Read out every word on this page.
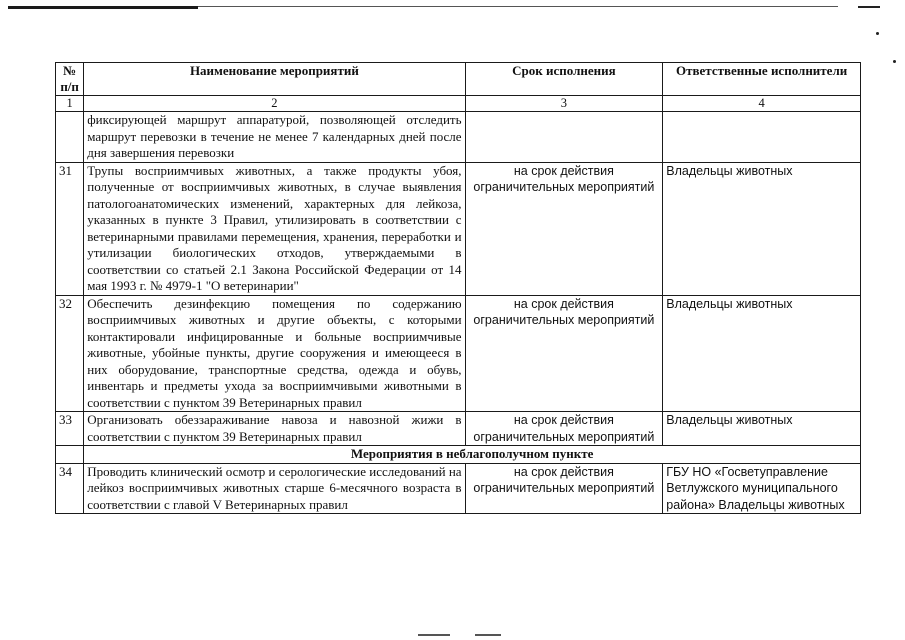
№ п/п	Наименование мероприятий	Срок исполнения	Ответственные исполнители
1	2	3	4
	фиксирующей маршрут аппаратурой, позволяющей отследить маршрут перевозки в течение не менее 7 календарных дней после дня завершения перевозки		
31	Трупы восприимчивых животных, а также продукты убоя, полученные от восприимчивых животных, в случае выявления патологоанатомических изменений, характерных для лейкоза, указанных в пункте 3 Правил, утилизировать в соответствии с ветеринарными правилами перемещения, хранения, переработки и утилизации биологических отходов, утверждаемыми в соответствии со статьей 2.1 Закона Российской Федерации от 14 мая 1993 г. № 4979-1 "О ветеринарии"	на срок действия ограничительных мероприятий	Владельцы животных
32	Обеспечить дезинфекцию помещения по содержанию восприимчивых животных и другие объекты, с которыми контактировали инфицированные и больные восприимчивые животные, убойные пункты, другие сооружения и имеющееся в них оборудование, транспортные средства, одежда и обувь, инвентарь и предметы ухода за восприимчивыми животными в соответствии с пунктом 39 Ветеринарных правил	на срок действия ограничительных мероприятий	Владельцы животных
33	Организовать обеззараживание навоза и навозной жижи в соответствии с пунктом 39 Ветеринарных правил	на срок действия ограничительных мероприятий	Владельцы животных
	Мероприятия в неблагополучном пункте		
34	Проводить клинический осмотр и серологические исследований на лейкоз восприимчивых животных старше 6-месячного возраста в соответствии с главой V Ветеринарных правил	на срок действия ограничительных мероприятий	ГБУ НО «Госветуправление Ветлужского муниципального района» Владельцы животных
